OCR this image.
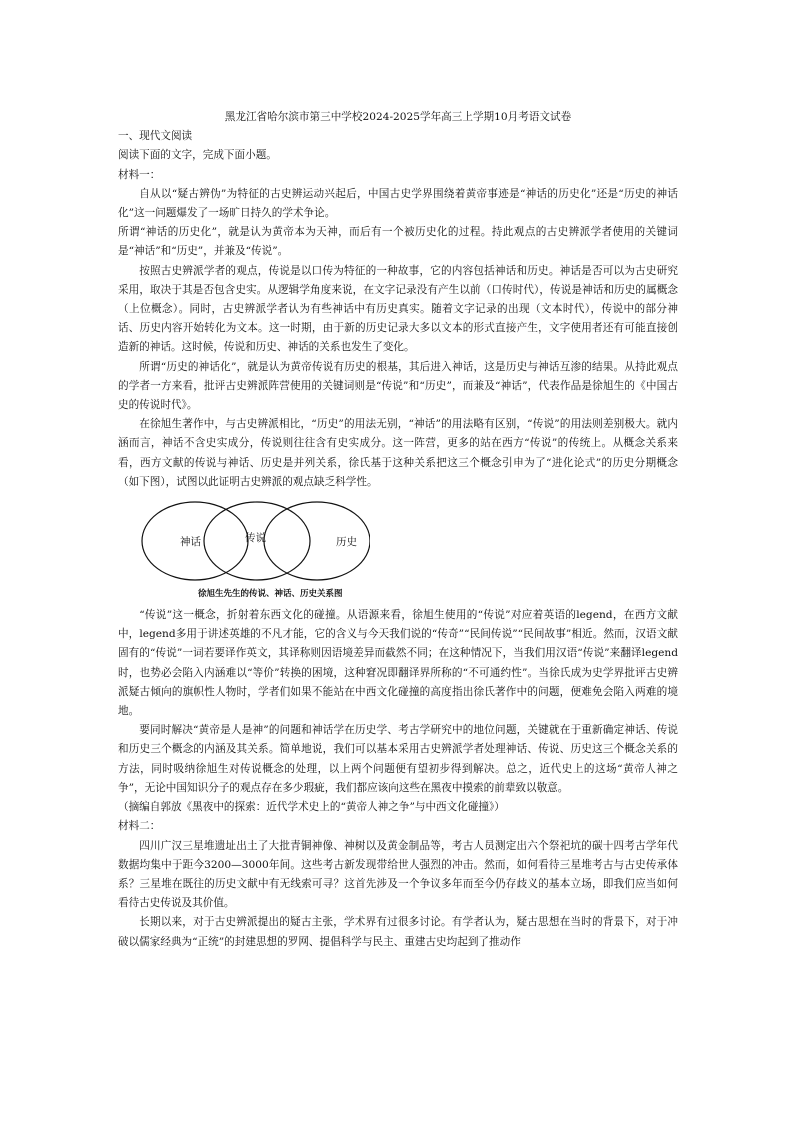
黑龙江省哈尔滨市第三中学校2024-2025学年高三上学期10月考语文试卷

一、现代文阅读

阅读下面的文字，完成下面小题。

材料一：

自从以“疑古辨伪”为特征的古史辨运动兴起后，中国古史学界围绕着黄帝事迹是“神话的历史化”还是“历史的神话化”这一问题爆发了一场旷日持久的学术争论。

所谓“神话的历史化”，就是认为黄帝本为天神，而后有一个被历史化的过程。持此观点的古史辨派学者使用的关键词是“神话”和“历史”，并兼及“传说”。

按照古史辨派学者的观点，传说是以口传为特征的一种故事，它的内容包括神话和历史。神话是否可以为古史研究采用，取决于其是否包含史实。从逻辑学角度来说，在文字记录没有产生以前（口传时代），传说是神话和历史的属概念（上位概念）。同时，古史辨派学者认为有些神话中有历史真实。随着文字记录的出现（文本时代），传说中的部分神话、历史内容开始转化为文本。这一时期，由于新的历史记录大多以文本的形式直接产生，文字使用者还有可能直接创造新的神话。这时候，传说和历史、神话的关系也发生了变化。

所谓“历史的神话化”，就是认为黄帝传说有历史的根基，其后进入神话，这是历史与神话互渗的结果。从持此观点的学者一方来看，批评古史辨派阵营使用的关键词则是“传说”和“历史”，而兼及“神话”，代表作品是徐旭生的《中国古史的传说时代》。

在徐旭生著作中，与古史辨派相比，“历史”的用法无别，“神话”的用法略有区别，“传说”的用法则差别极大。就内涵而言，神话不含史实成分，传说则往往含有史实成分。这一阵营，更多的站在西方“传说”的传统上。从概念关系来看，西方文献的传说与神话、历史是并列关系，徐氏基于这种关系把这三个概念引申为了“进化论式”的历史分期概念（如下图），试图以此证明古史辨派的观点缺乏科学性。

神话	传说	历史
徐旭生先生的传说、神话、历史关系图

“传说”这一概念，折射着东西文化的碰撞。从语源来看，徐旭生使用的“传说”对应着英语的legend，在西方文献中，legend多用于讲述英雄的不凡才能，它的含义与今天我们说的“传奇”“民间传说”“民间故事”相近。然而，汉语文献固有的“传说”一词若要译作英文，其译称则因语境差异而截然不同；在这种情况下，当我们用汉语“传说”来翻译legend时，也势必会陷入内涵难以“等价”转换的困境，这种窘况即翻译界所称的“不可通约性”。当徐氏成为史学界批评古史辨派疑古倾向的旗帜性人物时，学者们如果不能站在中西文化碰撞的高度指出徐氏著作中的问题，便难免会陷入两难的境地。

要同时解决“黄帝是人是神”的问题和神话学在历史学、考古学研究中的地位问题，关键就在于重新确定神话、传说和历史三个概念的内涵及其关系。简单地说，我们可以基本采用古史辨派学者处理神话、传说、历史这三个概念关系的方法，同时吸纳徐旭生对传说概念的处理，以上两个问题便有望初步得到解决。总之，近代史上的这场“黄帝人神之争”，无论中国知识分子的观点存在多少瑕疵，我们都应该向这些在黑夜中摸索的前辈致以敬意。

（摘编自郭放《黑夜中的探索：近代学术史上的“黄帝人神之争”与中西文化碰撞》）

材料二：

四川广汉三星堆遗址出土了大批青铜神像、神树以及黄金制品等，考古人员测定出六个祭祀坑的碳十四考古学年代数据均集中于距今3200—3000年间。这些考古新发现带给世人强烈的冲击。然而，如何看待三星堆考古与古史传承体系？三星堆在既往的历史文献中有无线索可寻？这首先涉及一个争议多年而至今仍存歧义的基本立场，即我们应当如何看待古史传说及其价值。

长期以来，对于古史辨派提出的疑古主张，学术界有过很多讨论。有学者认为，疑古思想在当时的背景下，对于冲破以儒家经典为“正统”的封建思想的罗网、提倡科学与民主、重建古史均起到了推动作
